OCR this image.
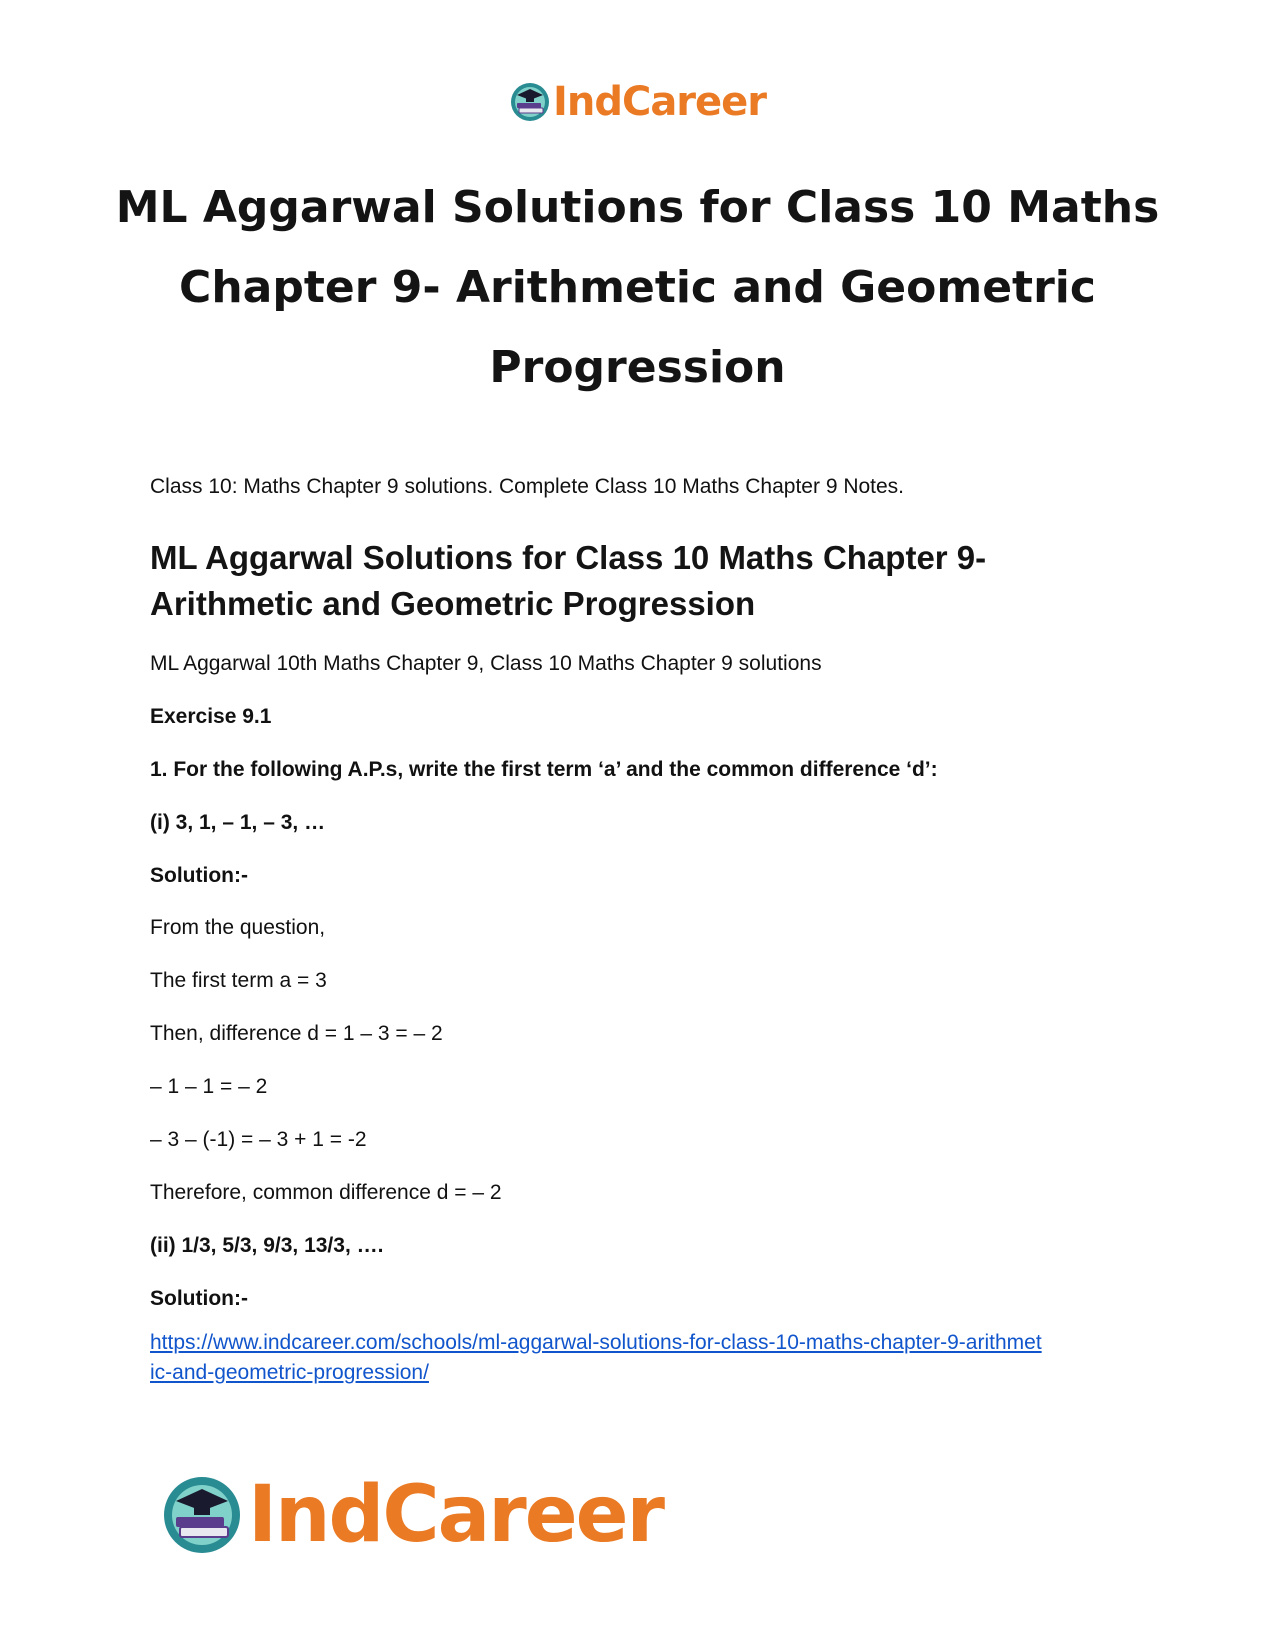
IndCareer

ML Aggarwal Solutions for Class 10 Maths

Chapter 9- Arithmetic and Geometric

Progression

Class 10: Maths Chapter 9 solutions. Complete Class 10 Maths Chapter 9 Notes.

ML Aggarwal Solutions for Class 10 Maths Chapter 9-

Arithmetic and Geometric Progression

ML Aggarwal 10th Maths Chapter 9, Class 10 Maths Chapter 9 solutions

Exercise 9.1

1. For the following A.P.s, write the first term ‘a’ and the common difference ‘d’:

(i) 3, 1, – 1, – 3, …

Solution:-

From the question,

The first term a = 3

Then, difference d = 1 – 3 = – 2

– 1 – 1 = – 2

– 3 – (-1) = – 3 + 1 = -2

Therefore, common difference d = – 2

(ii) 1/3, 5/3, 9/3, 13/3, ….

Solution:-

https://www.indcareer.com/schools/ml-aggarwal-solutions-for-class-10-maths-chapter-9-arithmet
ic-and-geometric-progression/
IndCareer
